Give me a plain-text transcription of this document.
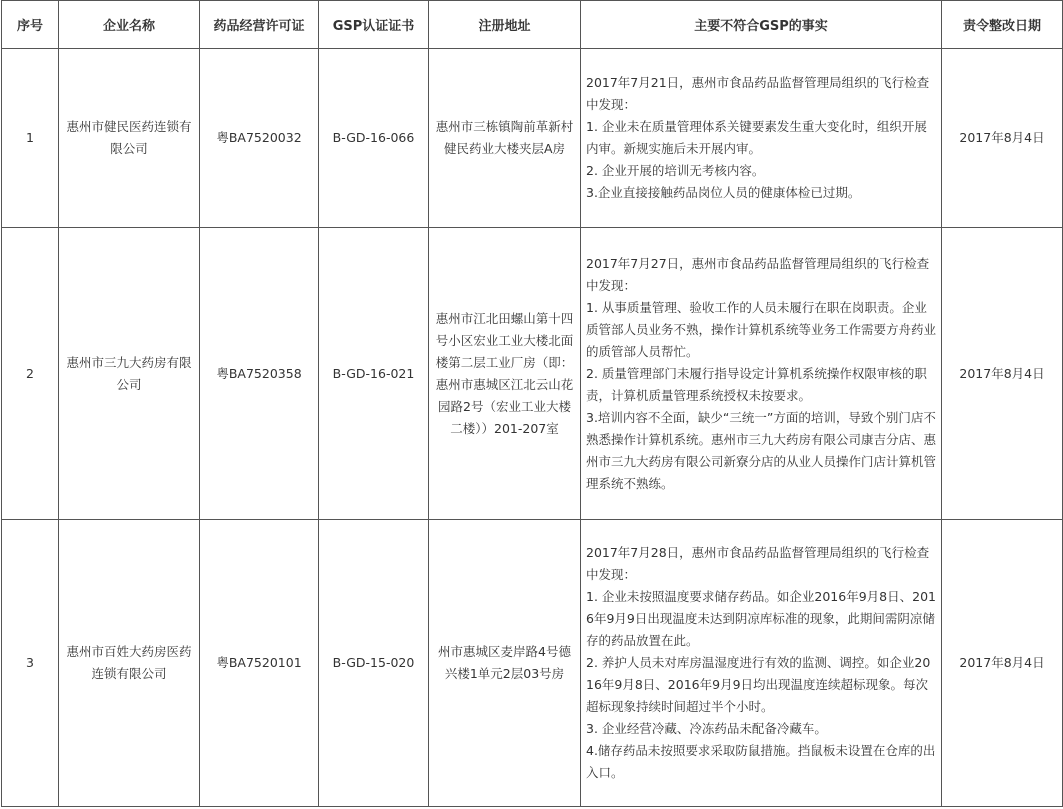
序号	企业名称	药品经营许可证	GSP认证证书	注册地址	主要不符合GSP的事实	责令整改日期
1	惠州市健民医药连锁有限公司	粤BA7520032	B-GD-16-066	惠州市三栋镇陶前革新村健民药业大楼夹层A房	2017年7月21日，惠州市食品药品监督管理局组织的飞行检查中发现：
1. 企业未在质量管理体系关键要素发生重大变化时，组织开展内审。新规实施后未开展内审。
2. 企业开展的培训无考核内容。
3.企业直接接触药品岗位人员的健康体检已过期。	2017年8月4日
2	惠州市三九大药房有限公司	粤BA7520358	B-GD-16-021	惠州市江北田螺山第十四号小区宏业工业大楼北面楼第二层工业厂房（即：惠州市惠城区江北云山花园路2号（宏业工业大楼二楼））201-207室	2017年7月27日，惠州市食品药品监督管理局组织的飞行检查中发现：
1. 从事质量管理、验收工作的人员未履行在职在岗职责。企业质管部人员业务不熟，操作计算机系统等业务工作需要方舟药业的质管部人员帮忙。
2. 质量管理部门未履行指导设定计算机系统操作权限审核的职责，计算机质量管理系统授权未按要求。
3.培训内容不全面，缺少“三统一”方面的培训，导致个别门店不熟悉操作计算机系统。惠州市三九大药房有限公司康吉分店、惠州市三九大药房有限公司新寮分店的从业人员操作门店计算机管理系统不熟练。	2017年8月4日
3	惠州市百姓大药房医药连锁有限公司	粤BA7520101	B-GD-15-020	州市惠城区麦岸路4号德兴楼1单元2层03号房	2017年7月28日，惠州市食品药品监督管理局组织的飞行检查中发现：
1. 企业未按照温度要求储存药品。如企业2016年9月8日、2016年9月9日出现温度未达到阴凉库标准的现象，此期间需阴凉储存的药品放置在此。
2. 养护人员未对库房温湿度进行有效的监测、调控。如企业2016年9月8日、2016年9月9日均出现温度连续超标现象。每次超标现象持续时间超过半个小时。
3. 企业经营冷藏、冷冻药品未配备冷藏车。
4.储存药品未按照要求采取防鼠措施。挡鼠板未设置在仓库的出入口。	2017年8月4日
